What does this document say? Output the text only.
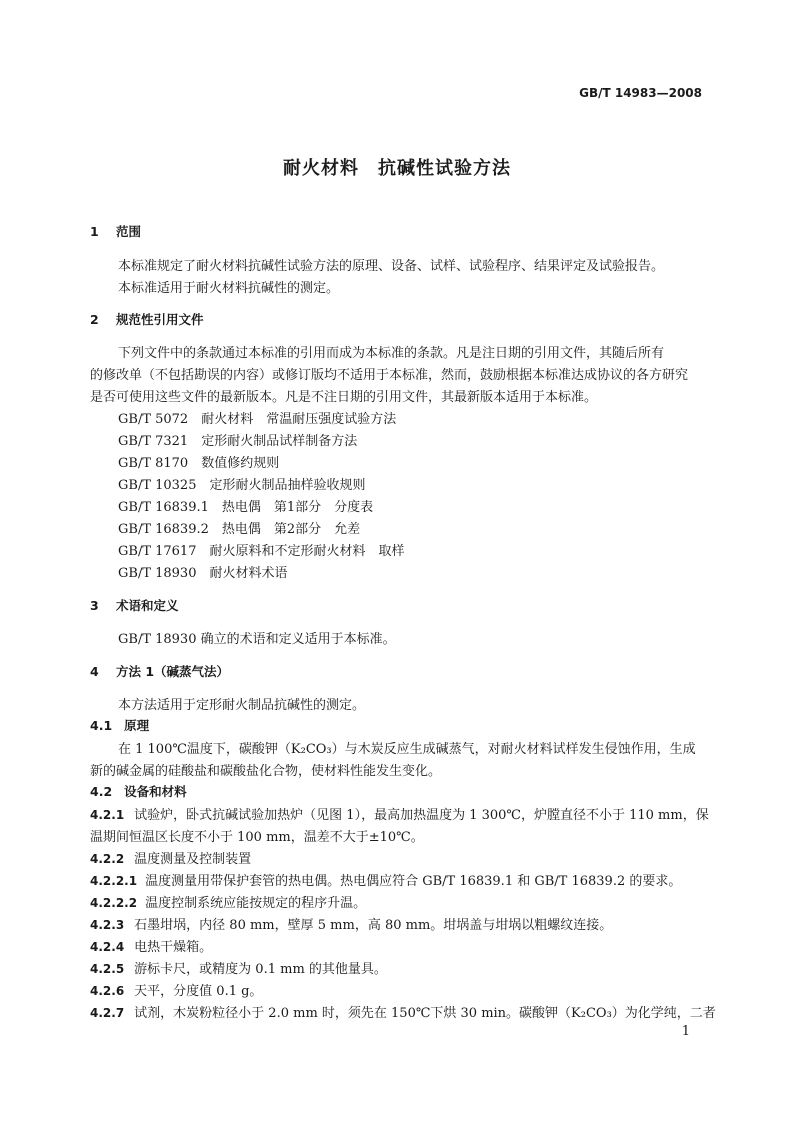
GB/T 14983—2008
耐火材料　抗碱性试验方法
1 范围
本标准规定了耐火材料抗碱性试验方法的原理、设备、试样、试验程序、结果评定及试验报告。
本标准适用于耐火材料抗碱性的测定。
2 规范性引用文件
下列文件中的条款通过本标准的引用而成为本标准的条款。凡是注日期的引用文件，其随后所有
的修改单（不包括勘误的内容）或修订版均不适用于本标准，然而，鼓励根据本标准达成协议的各方研究
是否可使用这些文件的最新版本。凡是不注日期的引用文件，其最新版本适用于本标准。
GB/T 5072　耐火材料　常温耐压强度试验方法
GB/T 7321　定形耐火制品试样制备方法
GB/T 8170　数值修约规则
GB/T 10325　定形耐火制品抽样验收规则
GB/T 16839.1　热电偶　第1部分　分度表
GB/T 16839.2　热电偶　第2部分　允差
GB/T 17617　耐火原料和不定形耐火材料　取样
GB/T 18930　耐火材料术语
3 术语和定义
GB/T 18930 确立的术语和定义适用于本标准。
4 方法 1（碱蒸气法）
本方法适用于定形耐火制品抗碱性的测定。
4.1 原理
在 1 100℃温度下，碳酸钾（K₂CO₃）与木炭反应生成碱蒸气，对耐火材料试样发生侵蚀作用，生成
新的碱金属的硅酸盐和碳酸盐化合物，使材料性能发生变化。
4.2 设备和材料
4.2.1 试验炉，卧式抗碱试验加热炉（见图 1），最高加热温度为 1 300℃，炉膛直径不小于 110 mm，保
温期间恒温区长度不小于 100 mm，温差不大于±10℃。
4.2.2 温度测量及控制装置
4.2.2.1 温度测量用带保护套管的热电偶。热电偶应符合 GB/T 16839.1 和 GB/T 16839.2 的要求。
4.2.2.2 温度控制系统应能按规定的程序升温。
4.2.3 石墨坩埚，内径 80 mm，壁厚 5 mm，高 80 mm。坩埚盖与坩埚以粗螺纹连接。
4.2.4 电热干燥箱。
4.2.5 游标卡尺，或精度为 0.1 mm 的其他量具。
4.2.6 天平，分度值 0.1 g。
4.2.7 试剂，木炭粉粒径小于 2.0 mm 时，须先在 150℃下烘 30 min。碳酸钾（K₂CO₃）为化学纯，二者
1
